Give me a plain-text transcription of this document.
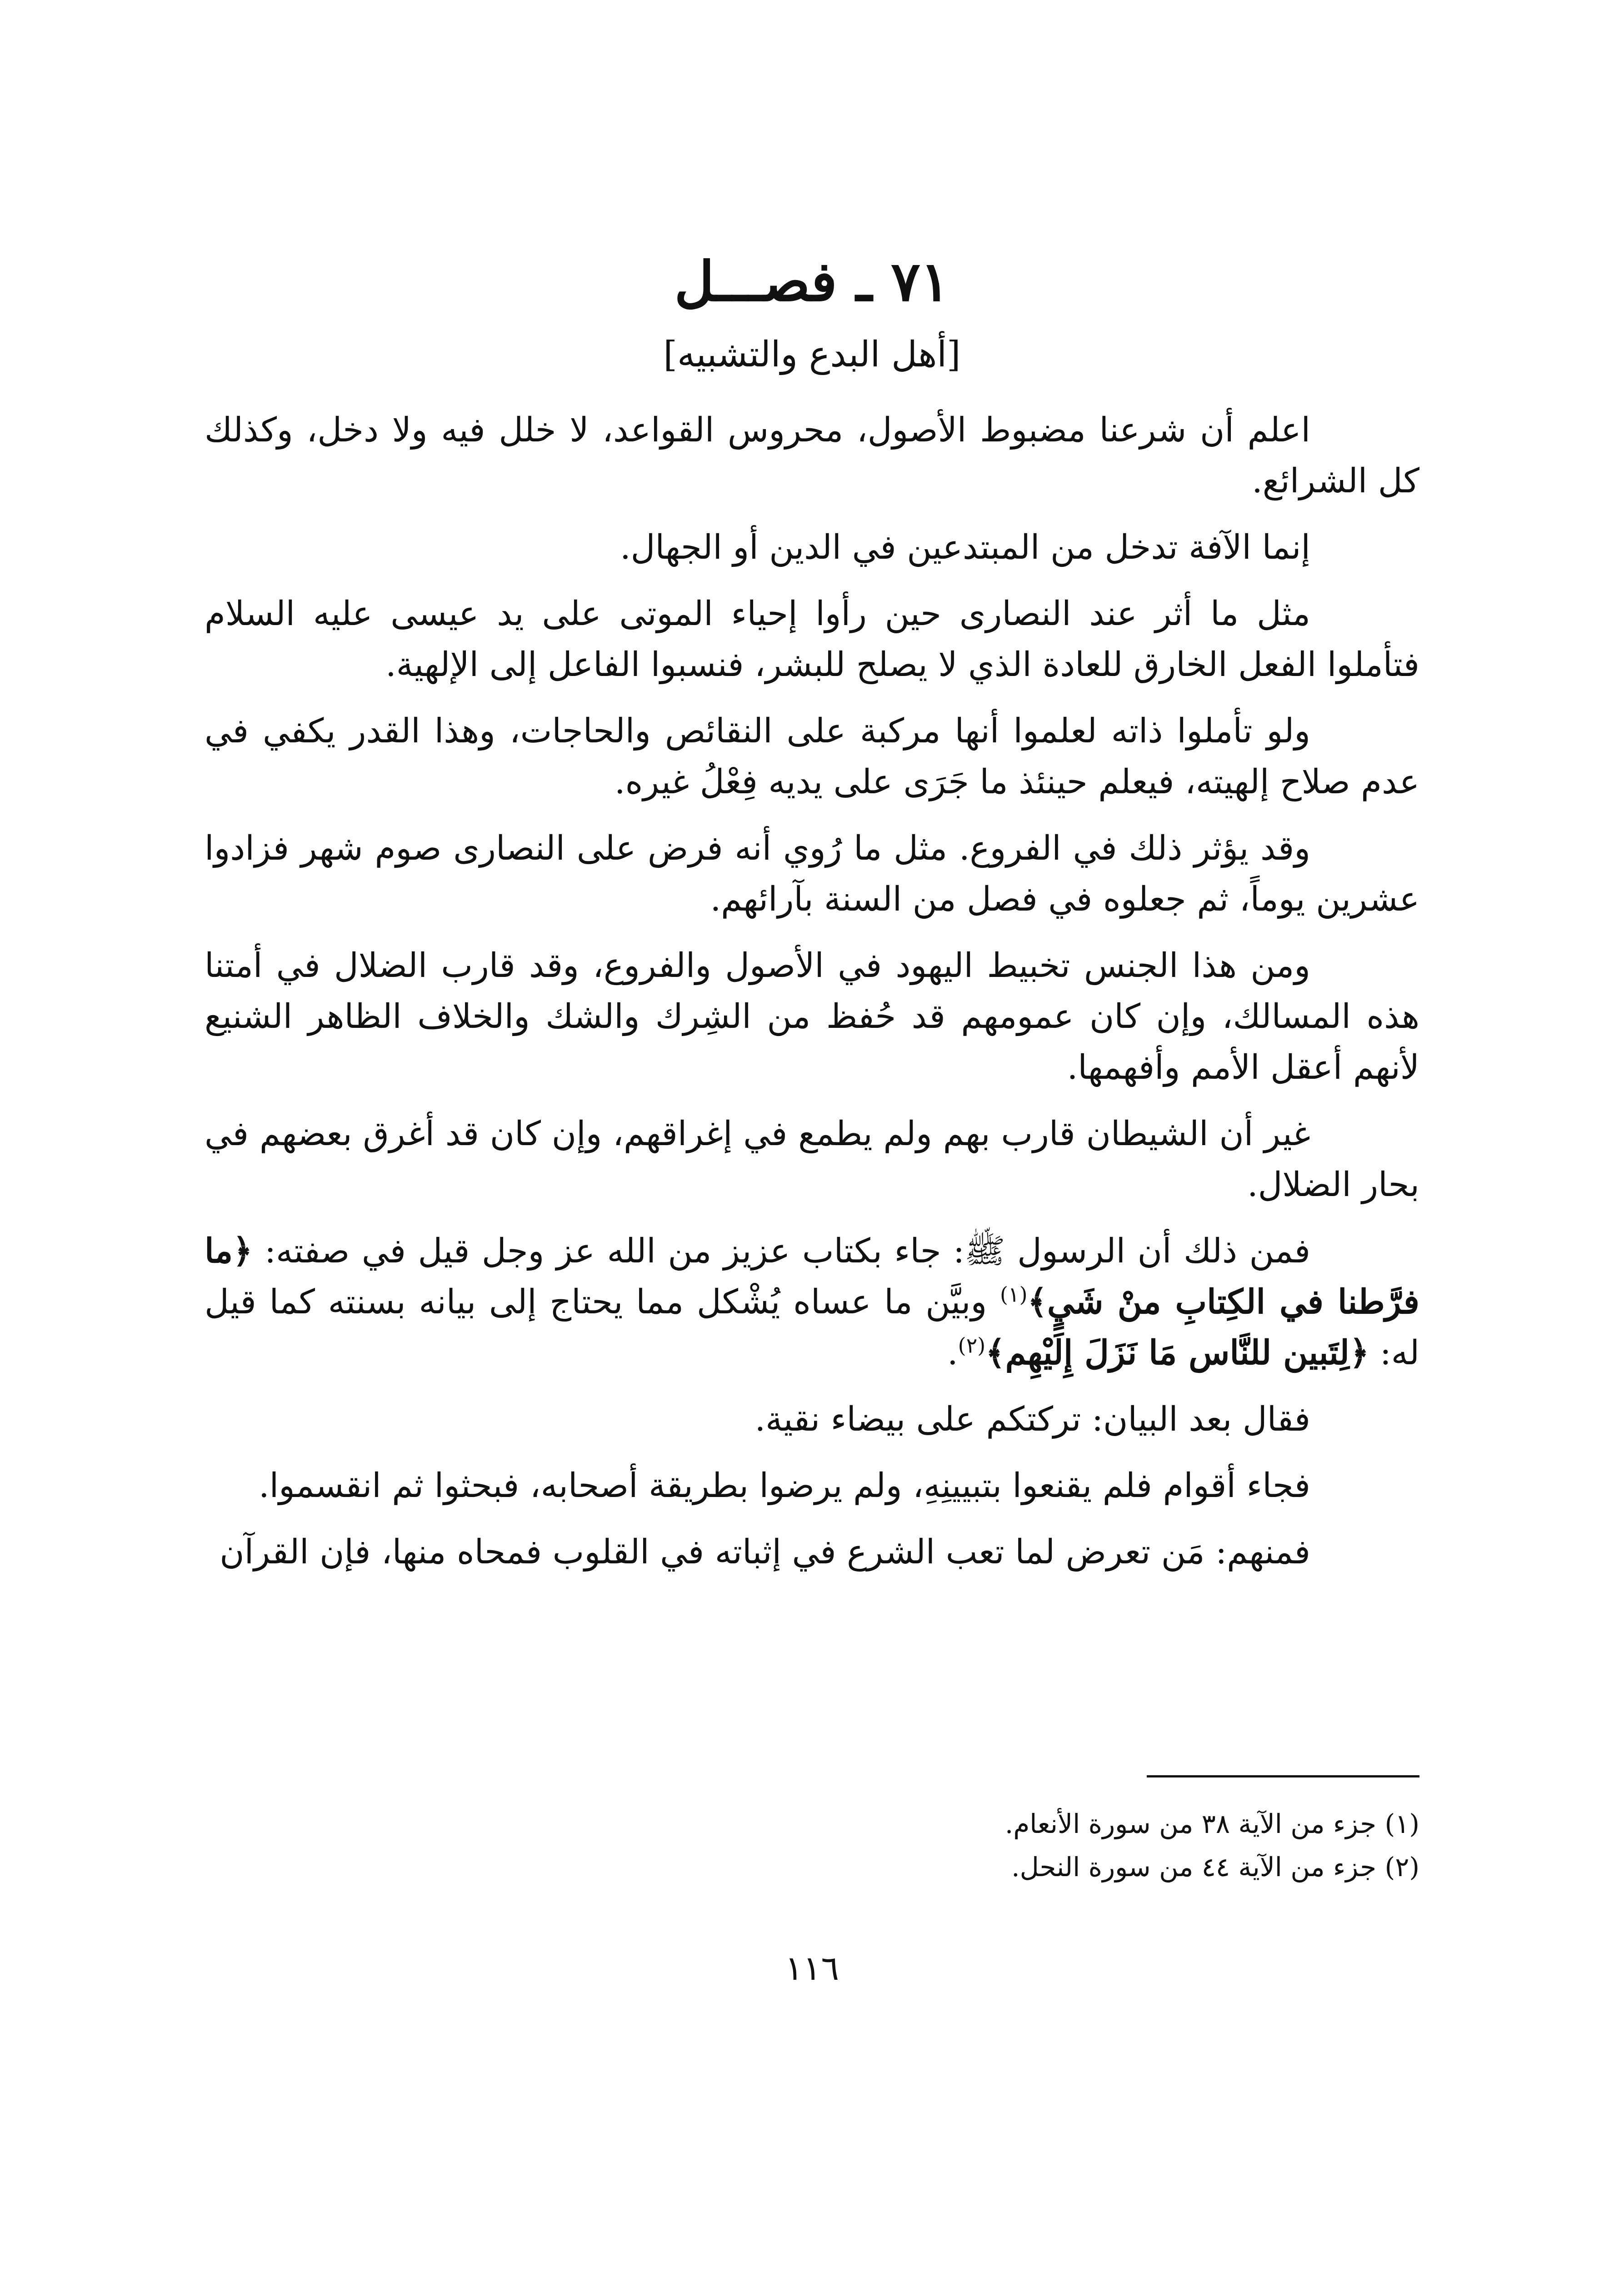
٧١ ـ فصـــل
[أهل البدع والتشبيه]

اعلم أن شرعنا مضبوط الأصول، محروس القواعد، لا خلل فيه ولا دخل، وكذلك كل الشرائع.

إنما الآفة تدخل من المبتدعين في الدين أو الجهال.

مثل ما أثر عند النصارى حين رأوا إحياء الموتى على يد عيسى عليه السلام فتأملوا الفعل الخارق للعادة الذي لا يصلح للبشر، فنسبوا الفاعل إلى الإلهية.

ولو تأملوا ذاته لعلموا أنها مركبة على النقائص والحاجات، وهذا القدر يكفي في عدم صلاح إلهيته، فيعلم حينئذ ما جَرَى على يديه فِعْلُ غيره.

وقد يؤثر ذلك في الفروع. مثل ما رُوي أنه فرض على النصارى صوم شهر فزادوا عشرين يوماً، ثم جعلوه في فصل من السنة بآرائهم.

ومن هذا الجنس تخبيط اليهود في الأصول والفروع، وقد قارب الضلال في أمتنا هذه المسالك، وإن كان عمومهم قد حُفظ من الشِرك والشك والخلاف الظاهر الشنيع لأنهم أعقل الأمم وأفهمها.

غير أن الشيطان قارب بهم ولم يطمع في إغراقهم، وإن كان قد أغرق بعضهم في بحار الضلال.

فمن ذلك أن الرسول ﷺ: جاء بكتاب عزيز من الله عز وجل قيل في صفته: ﴿ما فرَّطنا في الكِتابِ منْ شَيٍ﴾$^{(١)}$ وبيَّن ما عساه يُشْكل مما يحتاج إلى بيانه بسنته كما قيل له: ﴿لِتَبين للنَّاس مَا نَزَلَ إِلَيْهِم﴾$^{(٢)}$.

فقال بعد البيان: تركتكم على بيضاء نقية.

فجاء أقوام فلم يقنعوا بتبيينِهِ، ولم يرضوا بطريقة أصحابه، فبحثوا ثم انقسموا.

فمنهم: مَن تعرض لما تعب الشرع في إثباته في القلوب فمحاه منها، فإن القرآن

(١) جزء من الآية ٣٨ من سورة الأنعام.

(٢) جزء من الآية ٤٤ من سورة النحل.

١١٦
